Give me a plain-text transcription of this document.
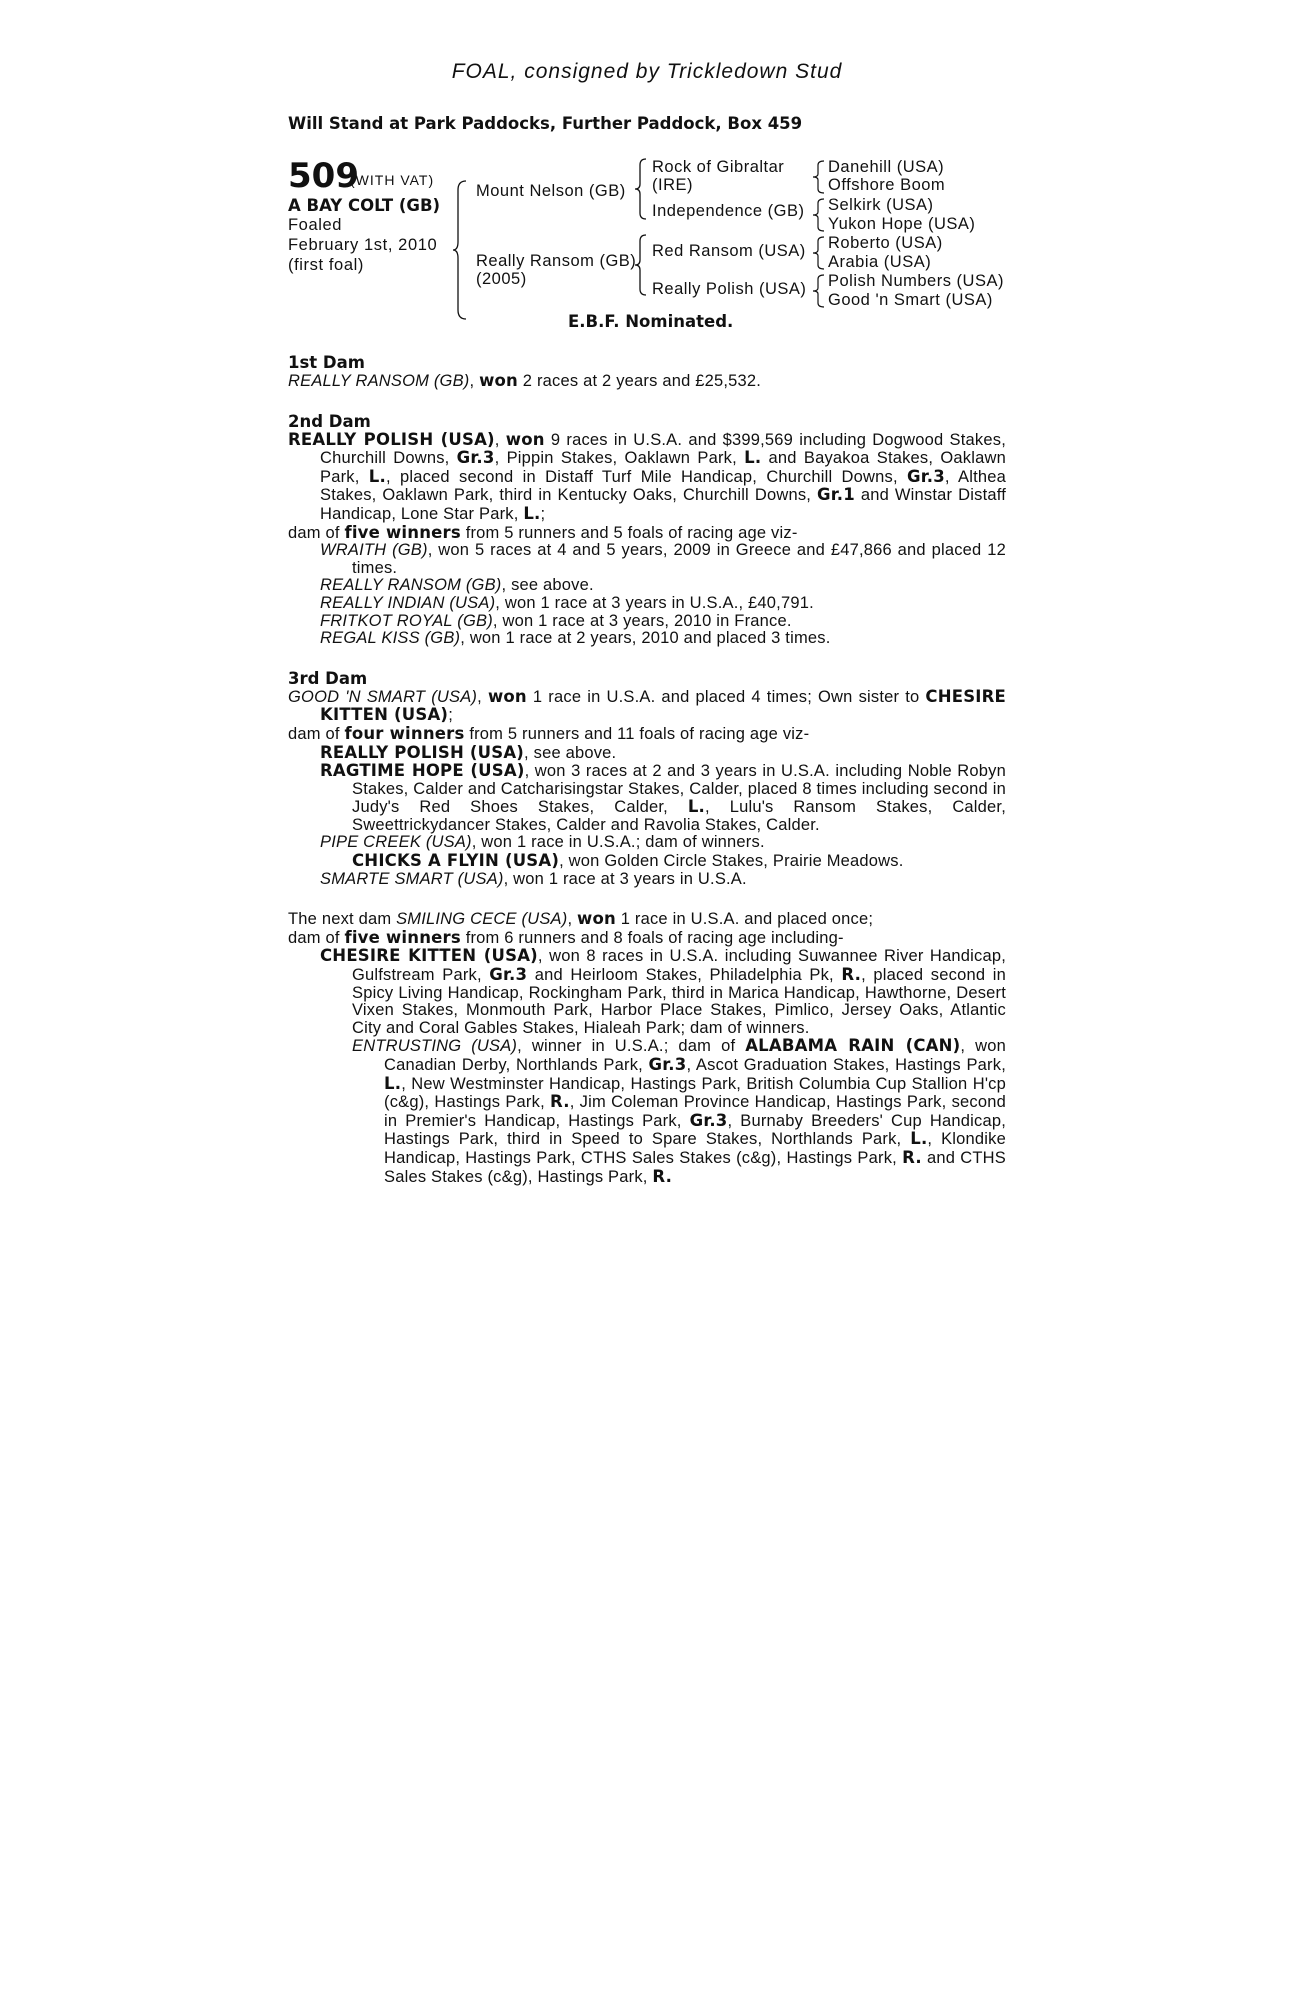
FOAL, consigned by Trickledown Stud

Will Stand at Park Paddocks, Further Paddock, Box 459
509
(WITH VAT)
A BAY COLT (GB)
Foaled
February 1st, 2010
(first foal)
Mount Nelson (GB)
Really Ransom (GB)
(2005)
Rock of Gibraltar
(IRE)
Independence (GB)
Red Ransom (USA)
Really Polish (USA)
Danehill (USA)
Offshore Boom
Selkirk (USA)
Yukon Hope (USA)
Roberto (USA)
Arabia (USA)
Polish Numbers (USA)
Good 'n Smart (USA)
E.B.F. Nominated.
1st Dam

REALLY RANSOM (GB), won 2 races at 2 years and £25,532.

2nd Dam

REALLY POLISH (USA), won 9 races in U.S.A. and $399,569 including Dogwood Stakes, Churchill Downs, Gr.3, Pippin Stakes, Oaklawn Park, L. and Bayakoa Stakes, Oaklawn Park, L., placed second in Distaff Turf Mile Handicap, Churchill Downs, Gr.3, Althea Stakes, Oaklawn Park, third in Kentucky Oaks, Churchill Downs, Gr.1 and Winstar Distaff Handicap, Lone Star Park, L.;

dam of five winners from 5 runners and 5 foals of racing age viz-

WRAITH (GB), won 5 races at 4 and 5 years, 2009 in Greece and £47,866 and placed 12 times.

REALLY RANSOM (GB), see above.

REALLY INDIAN (USA), won 1 race at 3 years in U.S.A., £40,791.

FRITKOT ROYAL (GB), won 1 race at 3 years, 2010 in France.

REGAL KISS (GB), won 1 race at 2 years, 2010 and placed 3 times.

3rd Dam

GOOD 'N SMART (USA), won 1 race in U.S.A. and placed 4 times; Own sister to CHESIRE KITTEN (USA);

dam of four winners from 5 runners and 11 foals of racing age viz-

REALLY POLISH (USA), see above.

RAGTIME HOPE (USA), won 3 races at 2 and 3 years in U.S.A. including Noble Robyn Stakes, Calder and Catcharisingstar Stakes, Calder, placed 8 times including second in Judy's Red Shoes Stakes, Calder, L., Lulu's Ransom Stakes, Calder, Sweettrickydancer Stakes, Calder and Ravolia Stakes, Calder.

PIPE CREEK (USA), won 1 race in U.S.A.; dam of winners.

CHICKS A FLYIN (USA), won Golden Circle Stakes, Prairie Meadows.

SMARTE SMART (USA), won 1 race at 3 years in U.S.A.

The next dam SMILING CECE (USA), won 1 race in U.S.A. and placed once;

dam of five winners from 6 runners and 8 foals of racing age including-

CHESIRE KITTEN (USA), won 8 races in U.S.A. including Suwannee River Handicap, Gulfstream Park, Gr.3 and Heirloom Stakes, Philadelphia Pk, R., placed second in Spicy Living Handicap, Rockingham Park, third in Marica Handicap, Hawthorne, Desert Vixen Stakes, Monmouth Park, Harbor Place Stakes, Pimlico, Jersey Oaks, Atlantic City and Coral Gables Stakes, Hialeah Park; dam of winners.

ENTRUSTING (USA), winner in U.S.A.; dam of ALABAMA RAIN (CAN), won Canadian Derby, Northlands Park, Gr.3, Ascot Graduation Stakes, Hastings Park, L., New Westminster Handicap, Hastings Park, British Columbia Cup Stallion H'cp (c&g), Hastings Park, R., Jim Coleman Province Handicap, Hastings Park, second in Premier's Handicap, Hastings Park, Gr.3, Burnaby Breeders' Cup Handicap, Hastings Park, third in Speed to Spare Stakes, Northlands Park, L., Klondike Handicap, Hastings Park, CTHS Sales Stakes (c&g), Hastings Park, R. and CTHS Sales Stakes (c&g), Hastings Park, R.
